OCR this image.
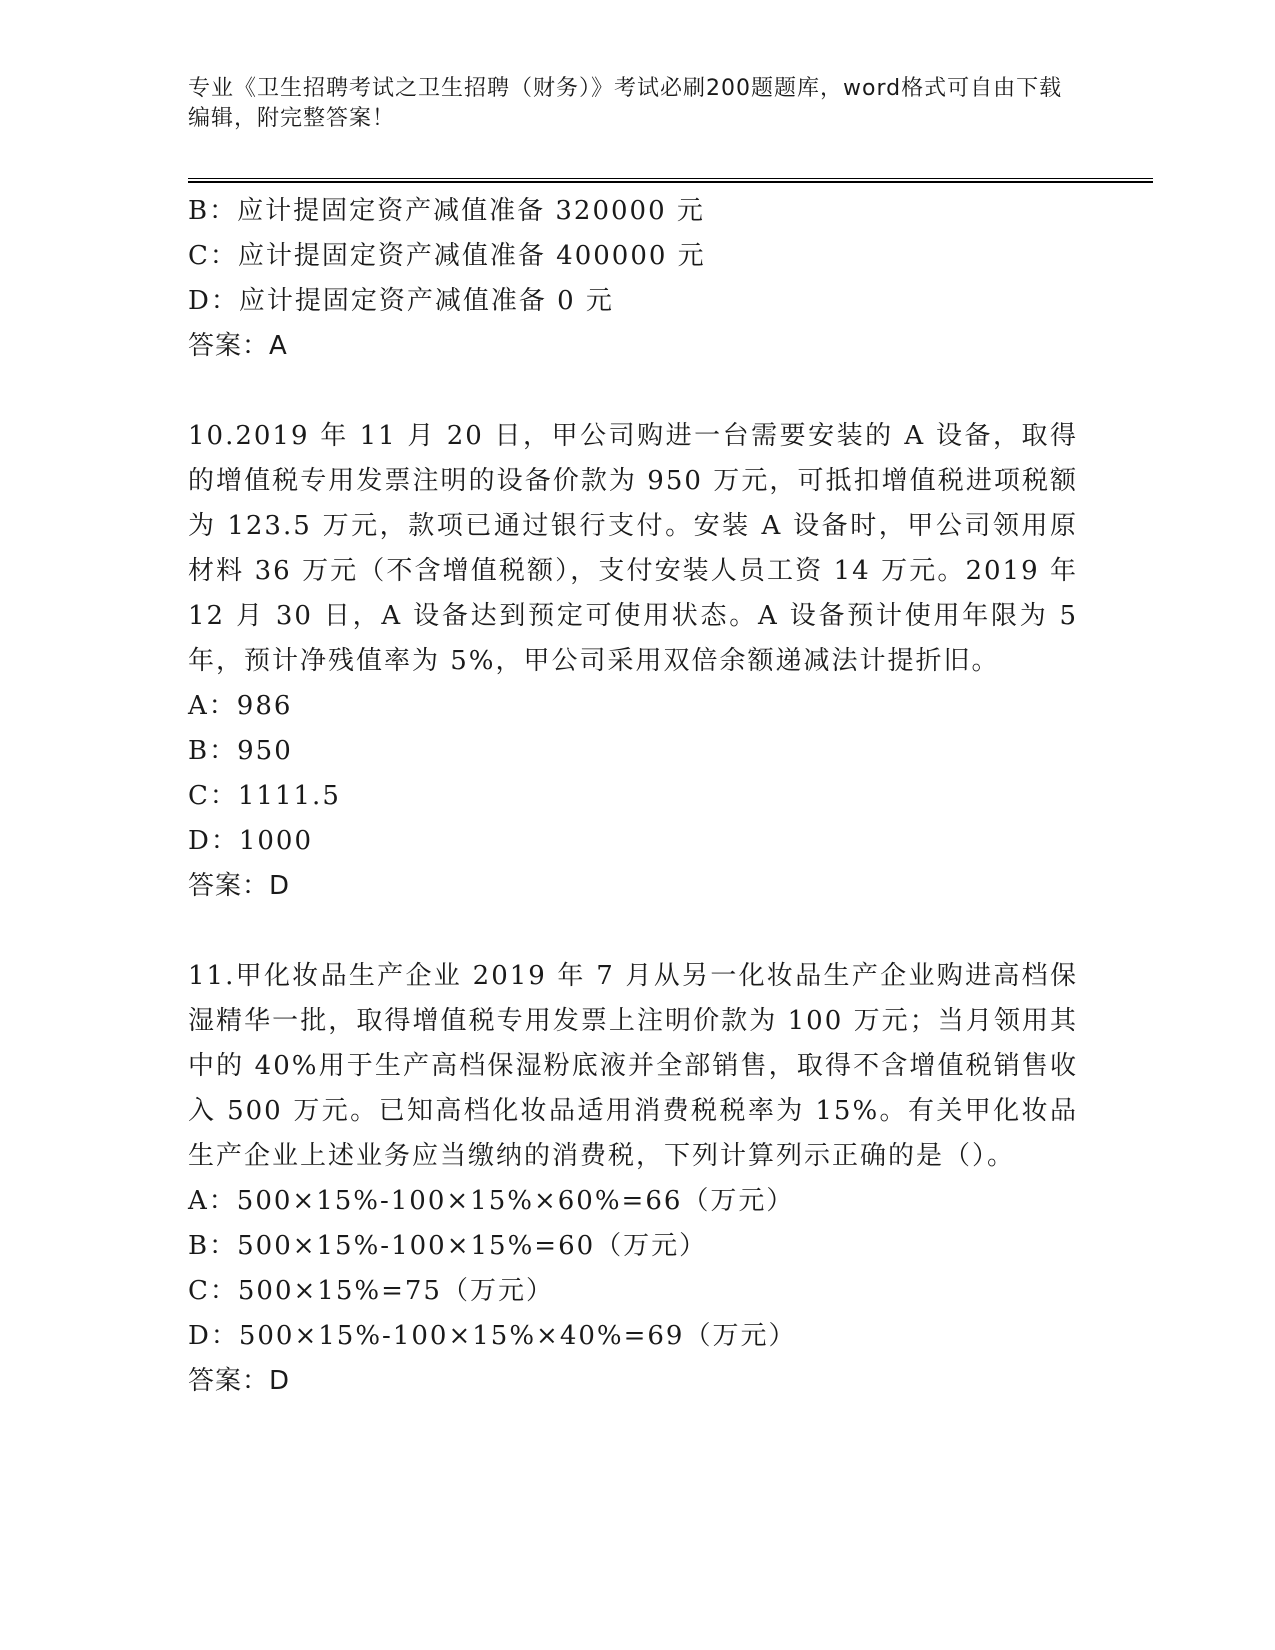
专业《卫生招聘考试之卫生招聘（财务）》考试必刷200题题库，word格式可自由下载编辑，附完整答案！
B：应计提固定资产减值准备 320000 元
C：应计提固定资产减值准备 400000 元
D：应计提固定资产减值准备 0 元
答案：A
10.2019 年 11 月 20 日，甲公司购进一台需要安装的 A 设备，取得的增值税专用发票注明的设备价款为 950 万元，可抵扣增值税进项税额为 123.5 万元，款项已通过银行支付。安装 A 设备时，甲公司领用原材料 36 万元（不含增值税额），支付安装人员工资 14 万元。2019 年 12 月 30 日，A 设备达到预定可使用状态。A 设备预计使用年限为 5 年，预计净残值率为 5%，甲公司采用双倍余额递减法计提折旧。
A：986
B：950
C：1111.5
D：1000
答案：D
11.甲化妆品生产企业 2019 年 7 月从另一化妆品生产企业购进高档保湿精华一批，取得增值税专用发票上注明价款为 100 万元；当月领用其中的 40%用于生产高档保湿粉底液并全部销售，取得不含增值税销售收入 500 万元。已知高档化妆品适用消费税税率为 15%。有关甲化妆品生产企业上述业务应当缴纳的消费税，下列计算列示正确的是（）。
A：500×15%-100×15%×60%=66（万元）
B：500×15%-100×15%=60（万元）
C：500×15%=75（万元）
D：500×15%-100×15%×40%=69（万元）
答案：D
